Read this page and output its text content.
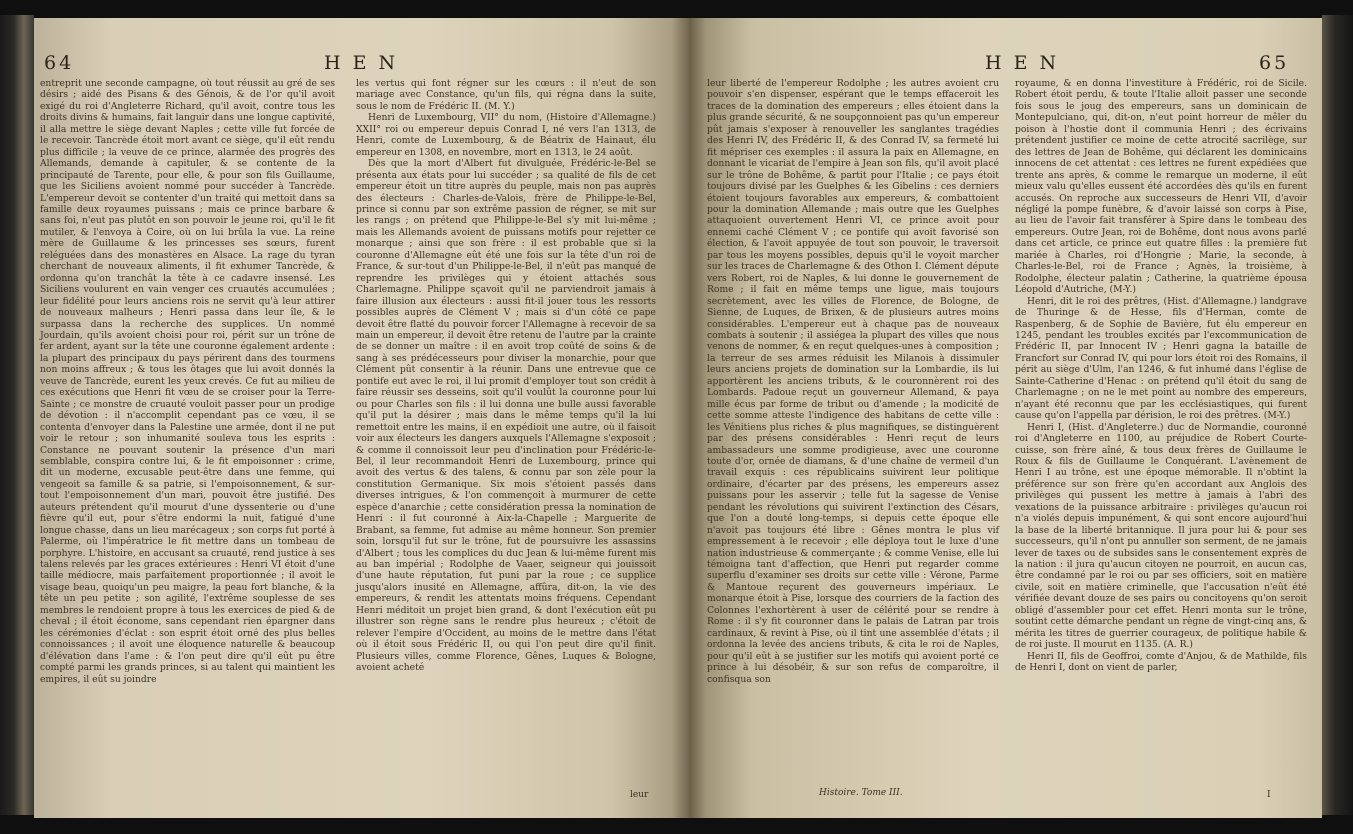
64	H E N

entreprit une seconde campagne, où tout réussit au gré de ses désirs ; aidé des Pisans & des Génois, & de l'or qu'il avoit exigé du roi d'Angleterre Richard, qu'il avoit, contre tous les droits divins & humains, fait languir dans une longue captivité, il alla mettre le siège devant Naples ; cette ville fut forcée de le recevoir. Tancrède étoit mort avant ce siège, qu'il eût rendu plus difficile ; la veuve de ce prince, alarmée des progrès des Allemands, demande à capituler, & se contente de la principauté de Tarente, pour elle, & pour son fils Guillaume, que les Siciliens avoient nommé pour succéder à Tancrède. L'empereur devoit se contenter d'un traité qui mettoit dans sa famille deux royaumes puissans ; mais ce prince barbare & sans foi, n'eut pas plutôt en son pouvoir le jeune roi, qu'il le fit mutiler, & l'envoya à Coire, où on lui brûla la vue. La reine mère de Guillaume & les princesses ses sœurs, furent reléguées dans des monastères en Alsace. La rage du tyran cherchant de nouveaux aliments, il fit exhumer Tancrède, & ordonna qu'on tranchât la tête à ce cadavre insensé. Les Siciliens voulurent en vain venger ces cruautés accumulées ; leur fidélité pour leurs anciens rois ne servit qu'à leur attirer de nouveaux malheurs ; Henri passa dans leur île, & le surpassa dans la recherche des supplices. Un nommé Jourdain, qu'ils avoient choisi pour roi, périt sur un trône de fer ardent, ayant sur la tête une couronne également ardente : la plupart des principaux du pays périrent dans des tourmens non moins affreux ; & tous les ôtages que lui avoit donnés la veuve de Tancrède, eurent les yeux crevés. Ce fut au milieu de ces exécutions que Henri fit vœu de se croiser pour la Terre-Sainte ; ce monstre de cruauté vouloit passer pour un prodige de dévotion : il n'accomplit cependant pas ce vœu, il se contenta d'envoyer dans la Palestine une armée, dont il ne put voir le retour ; son inhumanité souleva tous les esprits : Constance ne pouvant soutenir la présence d'un mari semblable, conspira contre lui, & le fit empoisonner : crime, dit un moderne, excusable peut-être dans une femme, qui vengeoit sa famille & sa patrie, si l'empoisonnement, & sur-tout l'empoisonnement d'un mari, pouvoit être justifié. Des auteurs prétendent qu'il mourut d'une dyssenterie ou d'une fièvre qu'il eut, pour s'être endormi la nuit, fatigué d'une longue chasse, dans un lieu marécageux ; son corps fut porté à Palerme, où l'impératrice le fit mettre dans un tombeau de porphyre. L'histoire, en accusant sa cruauté, rend justice à ses talens relevés par les graces extérieures : Henri VI étoit d'une taille médiocre, mais parfaitement proportionnée ; il avoit le visage beau, quoiqu'un peu maigre, la peau fort blanche, & la tête un peu petite ; son agilité, l'extrême souplesse de ses membres le rendoient propre à tous les exercices de pied & de cheval ; il étoit économe, sans cependant rien épargner dans les cérémonies d'éclat : son esprit étoit orné des plus belles connoissances ; il avoit une éloquence naturelle & beaucoup d'élévation dans l'ame : & l'on peut dire qu'il eût pu être compté parmi les grands princes, si au talent qui maintient les empires, il eût su joindre

les vertus qui font régner sur les cœurs : il n'eut de son mariage avec Constance, qu'un fils, qui régna dans la suite, sous le nom de Frédéric II. (M. Y.)

Henri de Luxembourg, VII° du nom, (Histoire d'Allemagne.) XXII° roi ou empereur depuis Conrad I, né vers l'an 1313, de Henri, comte de Luxembourg, & de Béatrix de Hainaut, élu empereur en 1308, en novembre, mort en 1313, le 24 août.

Dès que la mort d'Albert fut divulguée, Frédéric-le-Bel se présenta aux états pour lui succéder ; sa qualité de fils de cet empereur étoit un titre auprès du peuple, mais non pas auprès des électeurs : Charles-de-Valois, frère de Philippe-le-Bel, prince si connu par son extrême passion de régner, se mit sur les rangs ; on prétend que Philippe-le-Bel s'y mit lui-même ; mais les Allemands avoient de puissans motifs pour rejetter ce monarque ; ainsi que son frère : il est probable que si la couronne d'Allemagne eût été une fois sur la tête d'un roi de France, & sur-tout d'un Philippe-le-Bel, il n'eût pas manqué de reprendre les privilèges qui y étoient attachés sous Charlemagne. Philippe sçavoit qu'il ne parviendroit jamais à faire illusion aux électeurs : aussi fit-il jouer tous les ressorts possibles auprès de Clément V ; mais si d'un côté ce pape devoit être flatté du pouvoir forcer l'Allemagne à recevoir de sa main un empereur, il devoit être retenu de l'autre par la crainte de se donner un maître : il en avoit trop coûté de soins & de sang à ses prédécesseurs pour diviser la monarchie, pour que Clément pût consentir à la réunir. Dans une entrevue que ce pontife eut avec le roi, il lui promit d'employer tout son crédit à faire réussir ses desseins, soit qu'il voulût la couronne pour lui ou pour Charles son fils : il lui donna une bulle aussi favorable qu'il put la désirer ; mais dans le même temps qu'il la lui remettoit entre les mains, il en expédioit une autre, où il faisoit voir aux électeurs les dangers auxquels l'Allemagne s'exposoit ; & comme il connoissoit leur peu d'inclination pour Frédéric-le-Bel, il leur recommandoit Henri de Luxembourg, prince qui avoit des vertus & des talens, & connu par son zèle pour la constitution Germanique. Six mois s'étoient passés dans diverses intrigues, & l'on commençoit à murmurer de cette espèce d'anarchie ; cette considération pressa la nomination de Henri : il fut couronné à Aix-la-Chapelle ; Marguerite de Brabant, sa femme, fut admise au même honneur. Son premier soin, lorsqu'il fut sur le trône, fut de poursuivre les assassins d'Albert ; tous les complices du duc Jean & lui-même furent mis au ban impérial ; Rodolphe de Vaaer, seigneur qui jouissoit d'une haute réputation, fut puni par la roue ; ce supplice jusqu'alors inusité en Allemagne, affûra, dit-on, la vie des empereurs, & rendit les attentats moins fréquens. Cependant Henri méditoit un projet bien grand, & dont l'exécution eût pu illustrer son règne sans le rendre plus heureux ; c'étoit de relever l'empire d'Occident, au moins de le mettre dans l'état où il étoit sous Frédéric II, ou qui l'on peut dire qu'il finit. Plusieurs villes, comme Florence, Gênes, Luques & Bologne, avoient acheté

leur
H E N	65

leur liberté de l'empereur Rodolphe ; les autres avoient cru pouvoir s'en dispenser, espérant que le temps effaceroit les traces de la domination des empereurs ; elles étoient dans la plus grande sécurité, & ne soupçonnoient pas qu'un empereur pût jamais s'exposer à renouveller les sanglantes tragédies des Henri IV, des Frédéric II, & des Conrad IV, sa fermeté lui fit mépriser ces exemples : il assura la paix en Allemagne, en donnant le vicariat de l'empire à Jean son fils, qu'il avoit placé sur le trône de Bohême, & partit pour l'Italie ; ce pays étoit toujours divisé par les Guelphes & les Gibelins : ces derniers étoient toujours favorables aux empereurs, & combattoient pour la domination Allemande ; mais outre que les Guelphes attaquoient ouvertement Henri VI, ce prince avoit pour ennemi caché Clément V ; ce pontife qui avoit favorisé son élection, & l'avoit appuyée de tout son pouvoir, le traversoit par tous les moyens possibles, depuis qu'il le voyoit marcher sur les traces de Charlemagne & des Othon I. Clément députe vers Robert, roi de Naples, & lui donne le gouvernement de Rome ; il fait en même temps une ligue, mais toujours secrètement, avec les villes de Florence, de Bologne, de Sienne, de Luques, de Brixen, & de plusieurs autres moins considérables. L'empereur eut à chaque pas de nouveaux combats à soutenir ; il assiégea la plupart des villes que nous venons de nommer, & en reçut quelques-unes à composition ; la terreur de ses armes réduisit les Milanois à dissimuler leurs anciens projets de domination sur la Lombardie, ils lui apportèrent les anciens tributs, & le couronnèrent roi des Lombards. Padoue reçut un gouverneur Allemand, & paya mille écus par forme de tribut ou d'amende ; la modicité de cette somme atteste l'indigence des habitans de cette ville : les Vénitiens plus riches & plus magnifiques, se distinguèrent par des présens considérables : Henri reçut de leurs ambassadeurs une somme prodigieuse, avec une couronne toute d'or, ornée de diamans, & d'une chaîne de vermeil d'un travail exquis : ces républicains suivirent leur politique ordinaire, d'écarter par des présens, les empereurs assez puissans pour les asservir ; telle fut la sagesse de Venise pendant les révolutions qui suivirent l'extinction des Césars, que l'on a douté long-temps, si depuis cette époque elle n'avoit pas toujours été libre : Gênes montra le plus vif empressement à le recevoir ; elle déploya tout le luxe d'une nation industrieuse & commerçante ; & comme Venise, elle lui témoigna tant d'affection, que Henri put regarder comme superflu d'examiner ses droits sur cette ville : Vérone, Parme & Mantoue reçurent des gouverneurs impériaux. Le monarque étoit à Pise, lorsque des courriers de la faction des Colonnes l'exhortèrent à user de célérité pour se rendre à Rome : il s'y fit couronner dans le palais de Latran par trois cardinaux, & revint à Pise, où il tint une assemblée d'états ; il ordonna la levée des anciens tributs, & cita le roi de Naples, pour qu'il eût à se justifier sur les motifs qui avoient porté ce prince à lui désobéir, & sur son refus de comparoître, il confisqua son

royaume, & en donna l'investiture à Frédéric, roi de Sicile. Robert étoit perdu, & toute l'Italie alloit passer une seconde fois sous le joug des empereurs, sans un dominicain de Montepulciano, qui, dit-on, n'eut point horreur de mêler du poison à l'hostie dont il communia Henri ; des écrivains prétendent justifier ce moine de cette atrocité sacrilège, sur des lettres de Jean de Bohême, qui déclarent les dominicains innocens de cet attentat : ces lettres ne furent expédiées que trente ans après, & comme le remarque un moderne, il eût mieux valu qu'elles eussent été accordées dès qu'ils en furent accusés. On reproche aux successeurs de Henri VII, d'avoir négligé la pompe funèbre, & d'avoir laissé son corps à Pise, au lieu de l'avoir fait transférer à Spire dans le tombeau des empereurs. Outre Jean, roi de Bohême, dont nous avons parlé dans cet article, ce prince eut quatre filles : la première fut mariée à Charles, roi d'Hongrie ; Marie, la seconde, à Charles-le-Bel, roi de France ; Agnès, la troisième, à Rodolphe, électeur palatin ; Catherine, la quatrième épousa Léopold d'Autriche, (M-Y.)

Henri, dit le roi des prêtres, (Hist. d'Allemagne.) landgrave de Thuringe & de Hesse, fils d'Herman, comte de Raspenberg, & de Sophie de Bavière, fut élu empereur en 1245, pendant les troubles excités par l'excommunication de Frédéric II, par Innocent IV ; Henri gagna la bataille de Francfort sur Conrad IV, qui pour lors étoit roi des Romains, il périt au siège d'Ulm, l'an 1246, & fut inhumé dans l'église de Sainte-Catherine d'Henac : on prétend qu'il étoit du sang de Charlemagne ; on ne le met point au nombre des empereurs, n'ayant été reconnu que par les ecclésiastiques, qui furent cause qu'on l'appella par dérision, le roi des prêtres. (M-Y.)

Henri I, (Hist. d'Angleterre.) duc de Normandie, couronné roi d'Angleterre en 1100, au préjudice de Robert Courte-cuisse, son frère aîné, & tous deux frères de Guillaume le Roux & fils de Guillaume le Conquérant. L'avènement de Henri I au trône, est une époque mémorable. Il n'obtint la préférence sur son frère qu'en accordant aux Anglois des privilèges qui pussent les mettre à jamais à l'abri des vexations de la puissance arbitraire : privilèges qu'aucun roi n'a violés depuis impunément, & qui sont encore aujourd'hui la base de la liberté britannique. Il jura pour lui & pour ses successeurs, qu'il n'ont pu annuller son serment, de ne jamais lever de taxes ou de subsides sans le consentement exprès de la nation : il jura qu'aucun citoyen ne pourroit, en aucun cas, être condamné par le roi ou par ses officiers, soit en matière civile, soit en matière criminelle, que l'accusation n'eût été vérifiée devant douze de ses pairs ou concitoyens qu'on seroit obligé d'assembler pour cet effet. Henri monta sur le trône, soutint cette démarche pendant un règne de vingt-cinq ans, & mérita les titres de guerrier courageux, de politique habile & de roi juste. Il mourut en 1135. (A. R.)

Henri II, fils de Geoffroi, comte d'Anjou, & de Mathilde, fils de Henri I, dont on vient de parler,

Histoire. Tome III.	I
